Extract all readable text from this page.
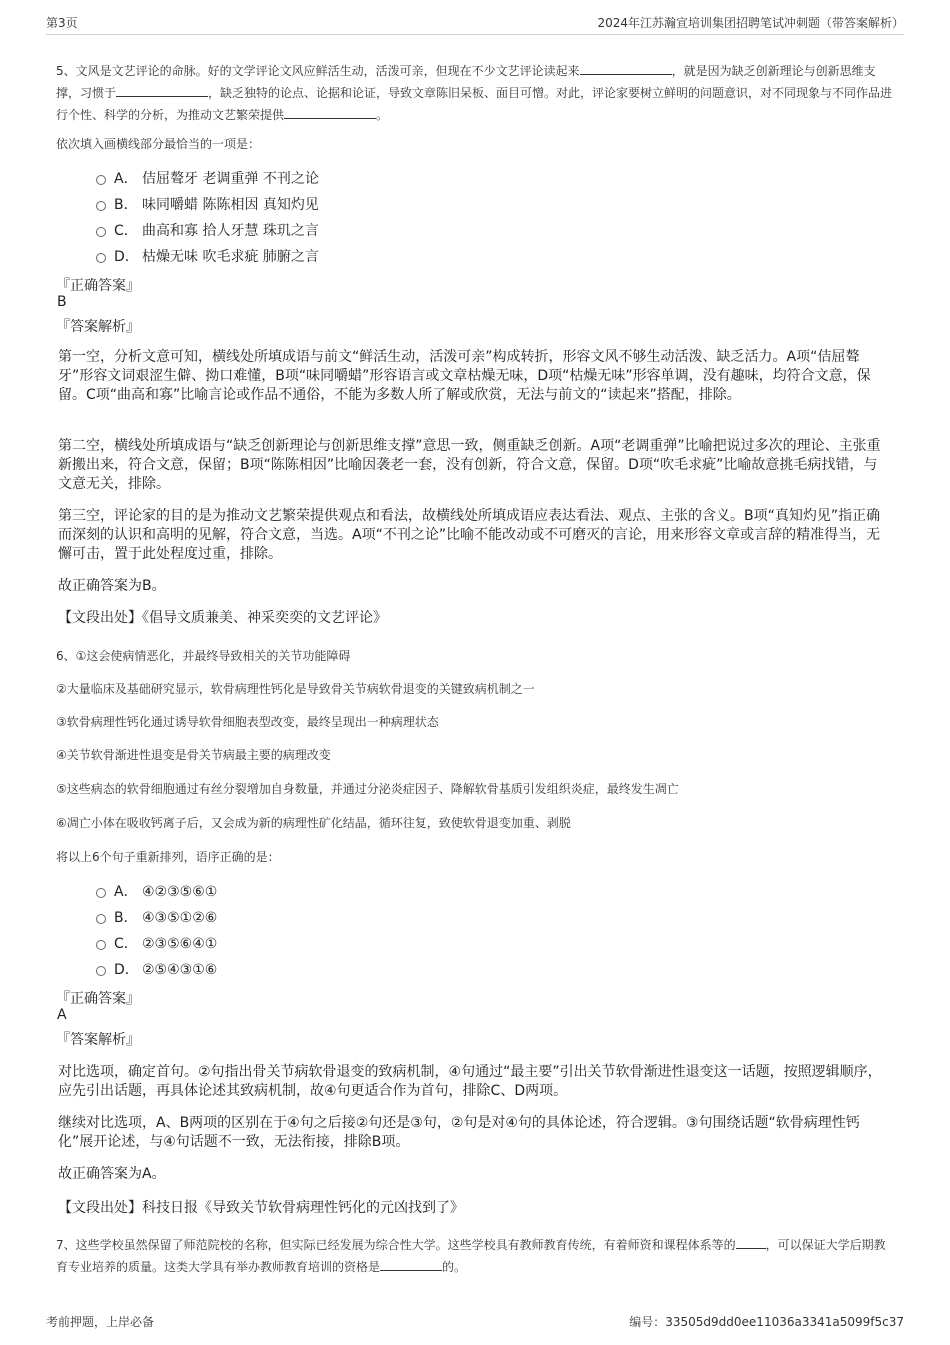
第3页	2024年江苏瀚宣培训集团招聘笔试冲刺题（带答案解析）
5、文风是文艺评论的命脉。好的文学评论文风应鲜活生动，活泼可亲，但现在不少文艺评论读起来	，就是因为缺乏创新理论与创新思维支撑，习惯于	，缺乏独特的论点、论据和论证，导致文章陈旧呆板、面目可憎。对此，评论家要树立鲜明的问题意识，对不同现象与不同作品进行个性、科学的分析，为推动文艺繁荣提供	。
依次填入画横线部分最恰当的一项是：
A． 佶屈聱牙 老调重弹 不刊之论
B． 味同嚼蜡 陈陈相因 真知灼见
C． 曲高和寡 拾人牙慧 珠玑之言
D． 枯燥无味 吹毛求疵 肺腑之言
『正确答案』
B
『答案解析』

第一空，分析文意可知，横线处所填成语与前文“鲜活生动，活泼可亲”构成转折，形容文风不够生动活泼、缺乏活力。A项“佶屈聱牙”形容文词艰涩生僻、拗口难懂，B项“味同嚼蜡”形容语言或文章枯燥无味，D项“枯燥无味”形容单调，没有趣味，均符合文意，保留。C项“曲高和寡”比喻言论或作品不通俗，不能为多数人所了解或欣赏，无法与前文的“读起来”搭配，排除。

第二空，横线处所填成语与“缺乏创新理论与创新思维支撑”意思一致，侧重缺乏创新。A项“老调重弹”比喻把说过多次的理论、主张重新搬出来，符合文意，保留；B项“陈陈相因”比喻因袭老一套，没有创新，符合文意，保留。D项“吹毛求疵”比喻故意挑毛病找错，与文意无关，排除。

第三空，评论家的目的是为推动文艺繁荣提供观点和看法，故横线处所填成语应表达看法、观点、主张的含义。B项“真知灼见”指正确而深刻的认识和高明的见解，符合文意，当选。A项“不刊之论”比喻不能改动或不可磨灭的言论，用来形容文章或言辞的精准得当，无懈可击，置于此处程度过重，排除。

故正确答案为B。

【文段出处】《倡导文质兼美、神采奕奕的文艺评论》

6、①这会使病情恶化，并最终导致相关的关节功能障碍
②大量临床及基础研究显示，软骨病理性钙化是导致骨关节病软骨退变的关键致病机制之一
③软骨病理性钙化通过诱导软骨细胞表型改变，最终呈现出一种病理状态
④关节软骨渐进性退变是骨关节病最主要的病理改变
⑤这些病态的软骨细胞通过有丝分裂增加自身数量，并通过分泌炎症因子、降解软骨基质引发组织炎症，最终发生凋亡
⑥凋亡小体在吸收钙离子后，又会成为新的病理性矿化结晶，循环往复，致使软骨退变加重、剥脱
将以上6个句子重新排列，语序正确的是：
A． ④②③⑤⑥①
B． ④③⑤①②⑥
C． ②③⑤⑥④①
D． ②⑤④③①⑥
『正确答案』
A
『答案解析』

对比选项，确定首句。②句指出骨关节病软骨退变的致病机制，④句通过“最主要”引出关节软骨渐进性退变这一话题，按照逻辑顺序，应先引出话题，再具体论述其致病机制，故④句更适合作为首句，排除C、D两项。

继续对比选项，A、B两项的区别在于④句之后接②句还是③句，②句是对④句的具体论述，符合逻辑。③句围绕话题“软骨病理性钙化”展开论述，与④句话题不一致，无法衔接，排除B项。

故正确答案为A。

【文段出处】科技日报《导致关节软骨病理性钙化的元凶找到了》

7、这些学校虽然保留了师范院校的名称，但实际已经发展为综合性大学。这些学校具有教师教育传统，有着师资和课程体系等的	，可以保证大学后期教育专业培养的质量。这类大学具有举办教师教育培训的资格是	的。
考前押题，上岸必备	编号：33505d9dd0ee11036a3341a5099f5c37
